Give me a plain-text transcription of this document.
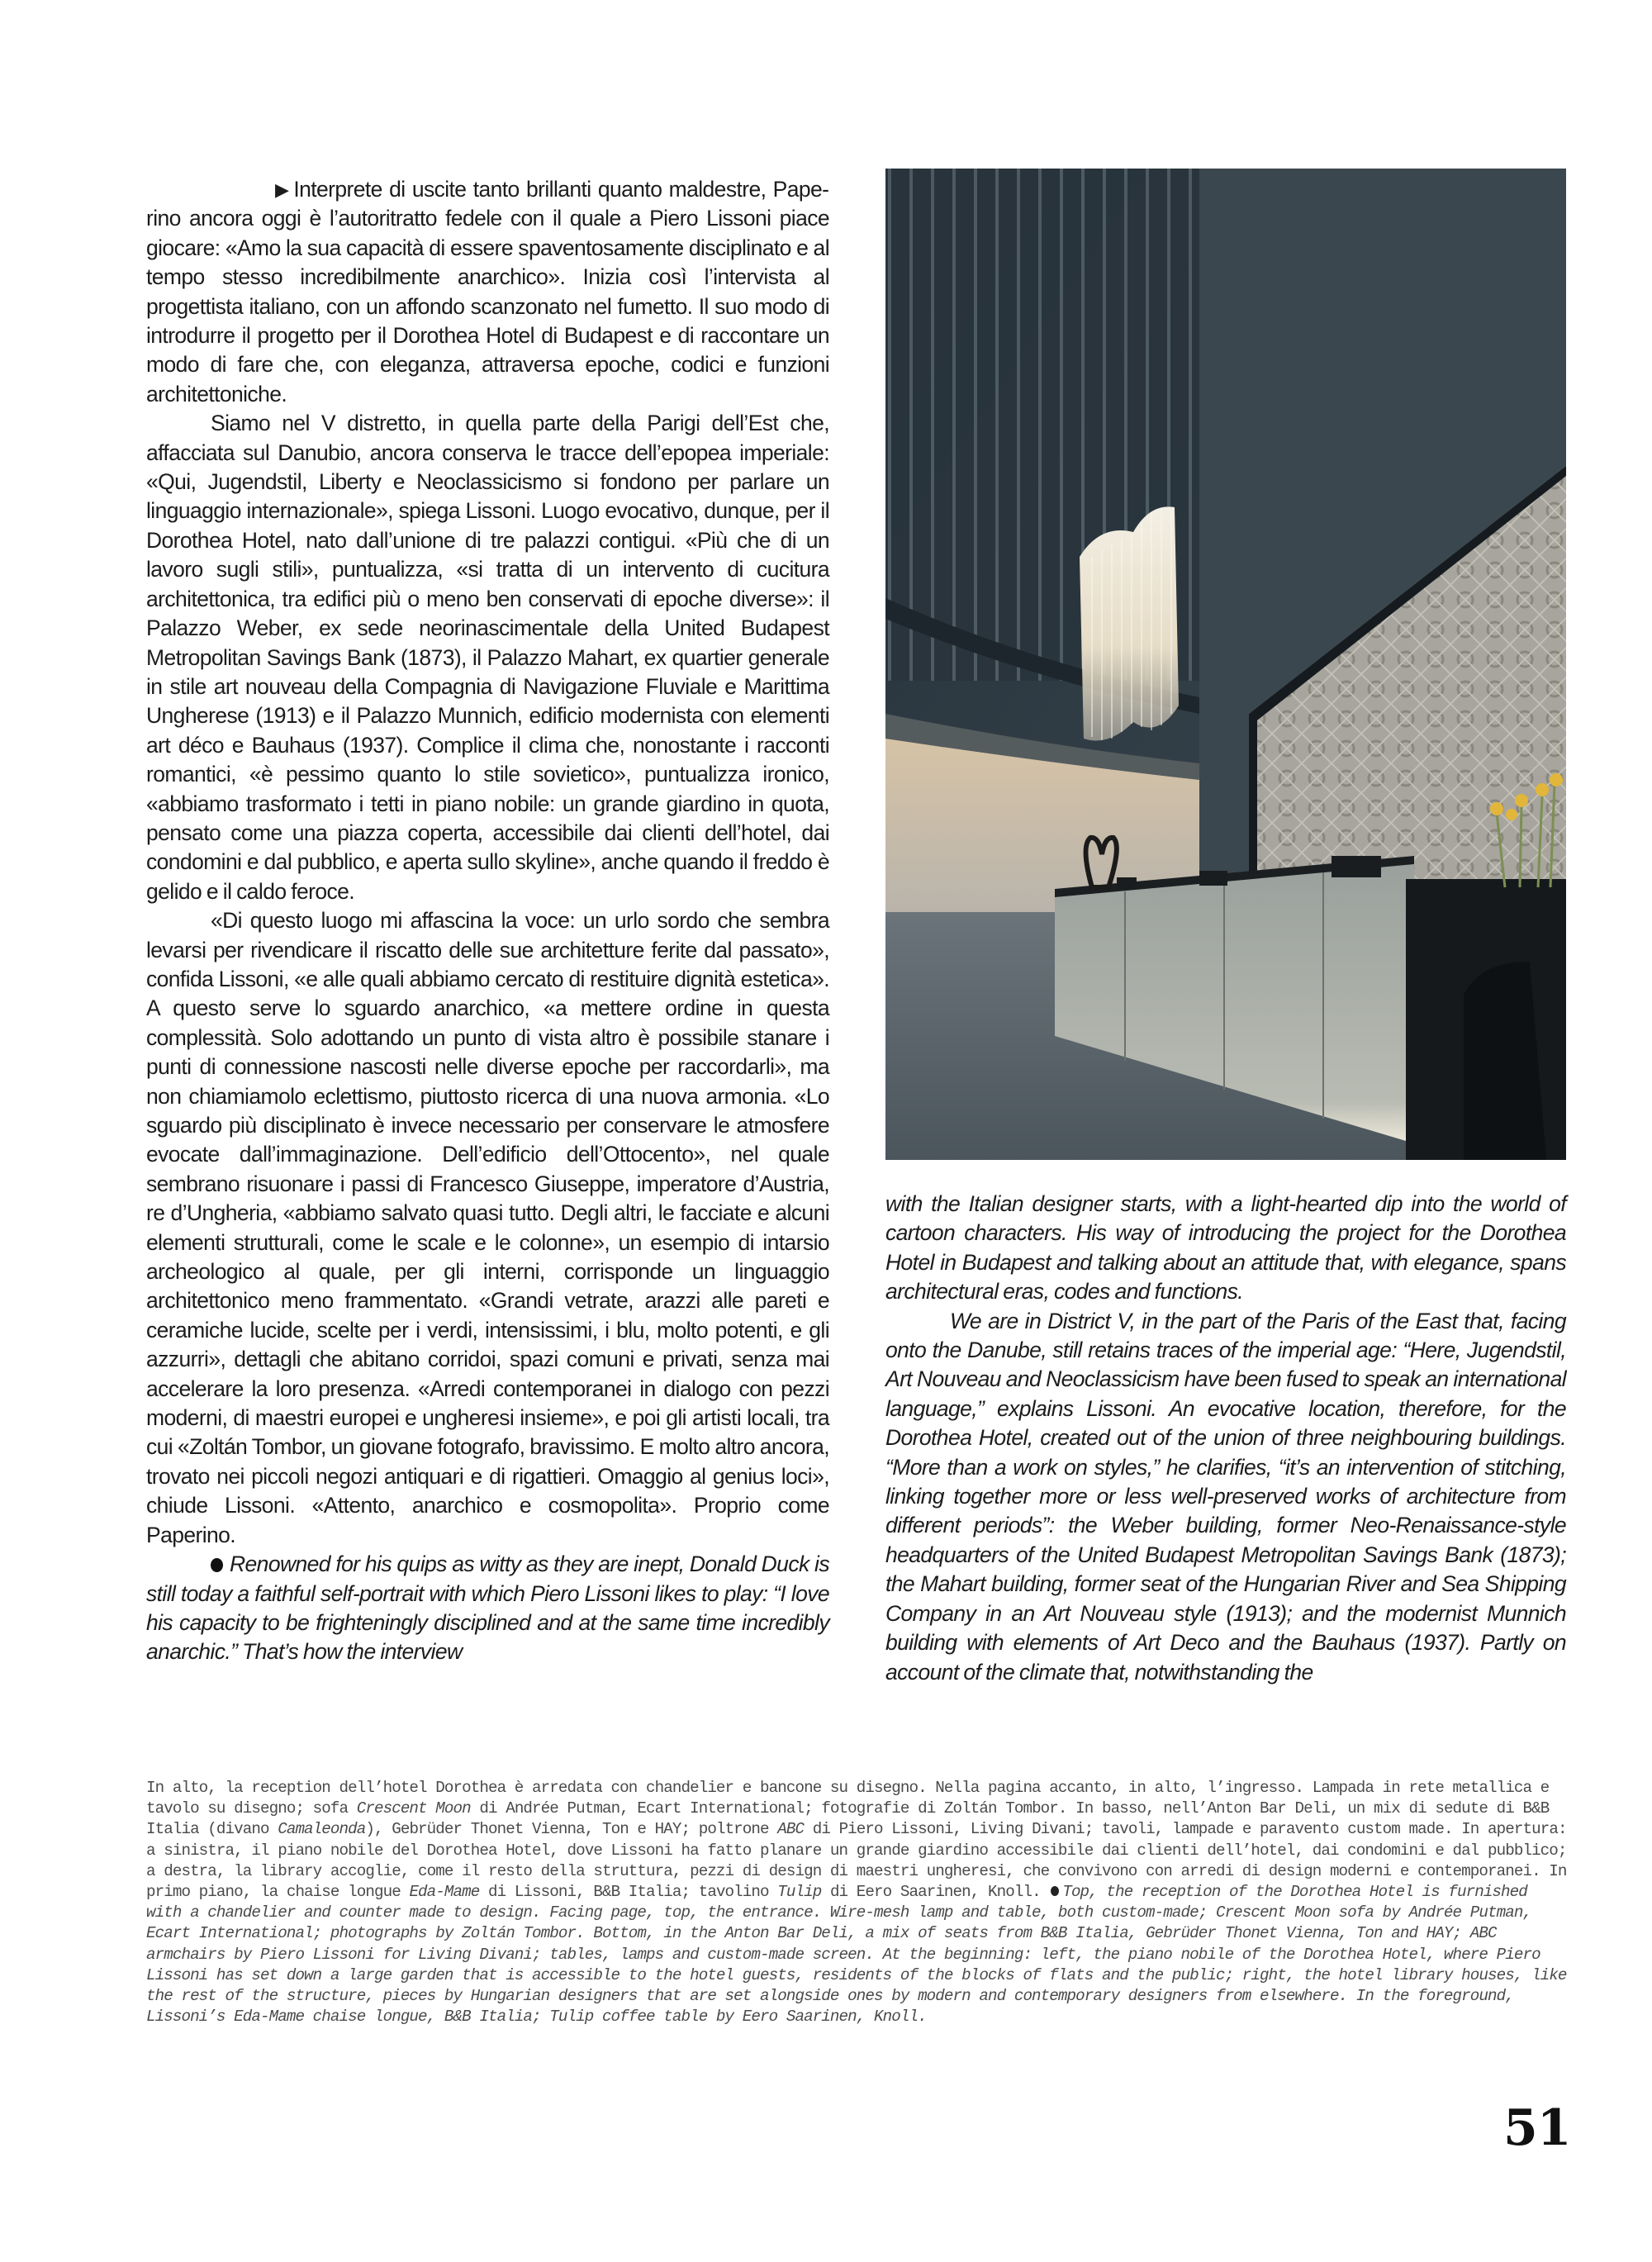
▶ Interprete di uscite tanto brillanti quanto maldestre, Paperino ancora oggi è l’autoritratto fedele con il quale a Piero Lissoni piace giocare: «Amo la sua capacità di essere spaventosamente disciplinato e al tempo stesso incredibilmente anarchico». Inizia così l’intervista al progettista italiano, con un affondo scanzonato nel fumetto. Il suo modo di introdurre il progetto per il Dorothea Hotel di Budapest e di raccontare un modo di fare che, con eleganza, attraversa epoche, codici e funzioni architettoniche.

Siamo nel V distretto, in quella parte della Parigi dell’Est che, affacciata sul Danubio, ancora conserva le tracce dell’epopea imperiale: «Qui, Jugendstil, Liberty e Neoclassicismo si fondono per parlare un linguaggio internazionale», spiega Lissoni. Luogo evocativo, dunque, per il Dorothea Hotel, nato dall’unione di tre palazzi contigui. «Più che di un lavoro sugli stili», puntualizza, «si tratta di un intervento di cucitura architettonica, tra edifici più o meno ben conservati di epoche diverse»: il Palazzo Weber, ex sede neorinascimentale della United Budapest Metropolitan Savings Bank (1873), il Palazzo Mahart, ex quartier generale in stile art nouveau della Compagnia di Navigazione Fluviale e Marittima Ungherese (1913) e il Palazzo Munnich, edificio modernista con elementi art déco e Bauhaus (1937). Complice il clima che, nonostante i racconti romantici, «è pessimo quanto lo stile sovietico», puntualizza ironico, «abbiamo trasformato i tetti in piano nobile: un grande giardino in quota, pensato come una piazza coperta, accessibile dai clienti dell’hotel, dai condomini e dal pubblico, e aperta sullo skyline», anche quando il freddo è gelido e il caldo feroce.

«Di questo luogo mi affascina la voce: un urlo sordo che sembra levarsi per rivendicare il riscatto delle sue architetture ferite dal passato», confida Lissoni, «e alle quali abbiamo cercato di restituire dignità estetica». A questo serve lo sguardo anarchico, «a mettere ordine in questa complessità. Solo adottando un punto di vista altro è possibile stanare i punti di connessione nascosti nelle diverse epoche per raccordarli», ma non chiamiamolo eclettismo, piuttosto ricerca di una nuova armonia. «Lo sguardo più disciplinato è invece necessario per conservare le atmosfere evocate dall’immaginazione. Dell’edificio dell’Ottocento», nel quale sembrano risuonare i passi di Francesco Giuseppe, imperatore d’Austria, re d’Ungheria, «abbiamo salvato quasi tutto. Degli altri, le facciate e alcuni elementi strutturali, come le scale e le colonne», un esempio di intarsio archeologico al quale, per gli interni, corrisponde un linguaggio architettonico meno frammentato. «Grandi vetrate, arazzi alle pareti e ceramiche lucide, scelte per i verdi, intensissimi, i blu, molto potenti, e gli azzurri», dettagli che abitano corridoi, spazi comuni e privati, senza mai accelerare la loro presenza. «Arredi contemporanei in dialogo con pezzi moderni, di maestri europei e ungheresi insieme», e poi gli artisti locali, tra cui «Zoltán Tombor, un giovane fotografo, bravissimo. E molto altro ancora, trovato nei piccoli negozi antiquari e di rigattieri. Omaggio al genius loci», chiude Lissoni. «Attento, anarchico e cosmopolita». Proprio come Paperino.

Renowned for his quips as witty as they are inept, Donald Duck is still today a faithful self-portrait with which Piero Lissoni likes to play: “I love his capacity to be frighteningly disciplined and at the same time incredibly anarchic.” That’s how the interview

with the Italian designer starts, with a light-hearted dip into the world of cartoon characters. His way of introducing the project for the Dorothea Hotel in Budapest and talking about an attitude that, with elegance, spans architectural eras, codes and functions.

We are in District V, in the part of the Paris of the East that, facing onto the Danube, still retains traces of the imperial age: “Here, Jugendstil, Art Nouveau and Neoclassicism have been fused to speak an international language,” explains Lissoni. An evocative location, therefore, for the Dorothea Hotel, created out of the union of three neighbouring buildings. “More than a work on styles,” he clarifies, “it’s an intervention of stitching, linking together more or less well-preserved works of architecture from different periods”: the Weber building, former Neo-Renaissance-style headquarters of the United Budapest Metropolitan Savings Bank (1873); the Mahart building, former seat of the Hungarian River and Sea Shipping Company in an Art Nouveau style (1913); and the modernist Munnich building with elements of Art Deco and the Bauhaus (1937). Partly on account of the climate that, notwithstanding the

In alto, la reception dell’hotel Dorothea è arredata con chandelier e bancone su disegno. Nella pagina accanto, in alto, l’ingresso. Lampada in rete metallica e tavolo su disegno; sofa Crescent Moon di Andrée Putman, Ecart International; fotografie di Zoltán Tombor. In basso, nell’Anton Bar Deli, un mix di sedute di B&B Italia (divano Camaleonda), Gebrüder Thonet Vienna, Ton e HAY; poltrone ABC di Piero Lissoni, Living Divani; tavoli, lampade e paravento custom made. In apertura: a sinistra, il piano nobile del Dorothea Hotel, dove Lissoni ha fatto planare un grande giardino accessibile dai clienti dell’hotel, dai condomini e dal pubblico; a destra, la library accoglie, come il resto della struttura, pezzi di design di maestri ungheresi, che convivono con arredi di design moderni e contemporanei. In primo piano, la chaise longue Eda-Mame di Lissoni, B&B Italia; tavolino Tulip di Eero Saarinen, Knoll. Top, the reception of the Dorothea Hotel is furnished with a chandelier and counter made to design. Facing page, top, the entrance. Wire-mesh lamp and table, both custom-made; Crescent Moon sofa by Andrée Putman, Ecart International; photographs by Zoltán Tombor. Bottom, in the Anton Bar Deli, a mix of seats from B&B Italia, Gebrüder Thonet Vienna, Ton and HAY; ABC armchairs by Piero Lissoni for Living Divani; tables, lamps and custom-made screen. At the beginning: left, the piano nobile of the Dorothea Hotel, where Piero Lissoni has set down a large garden that is accessible to the hotel guests, residents of the blocks of flats and the public; right, the hotel library houses, like the rest of the structure, pieces by Hungarian designers that are set alongside ones by modern and contemporary designers from elsewhere. In the foreground, Lissoni’s Eda-Mame chaise longue, B&B Italia; Tulip coffee table by Eero Saarinen, Knoll.

51
